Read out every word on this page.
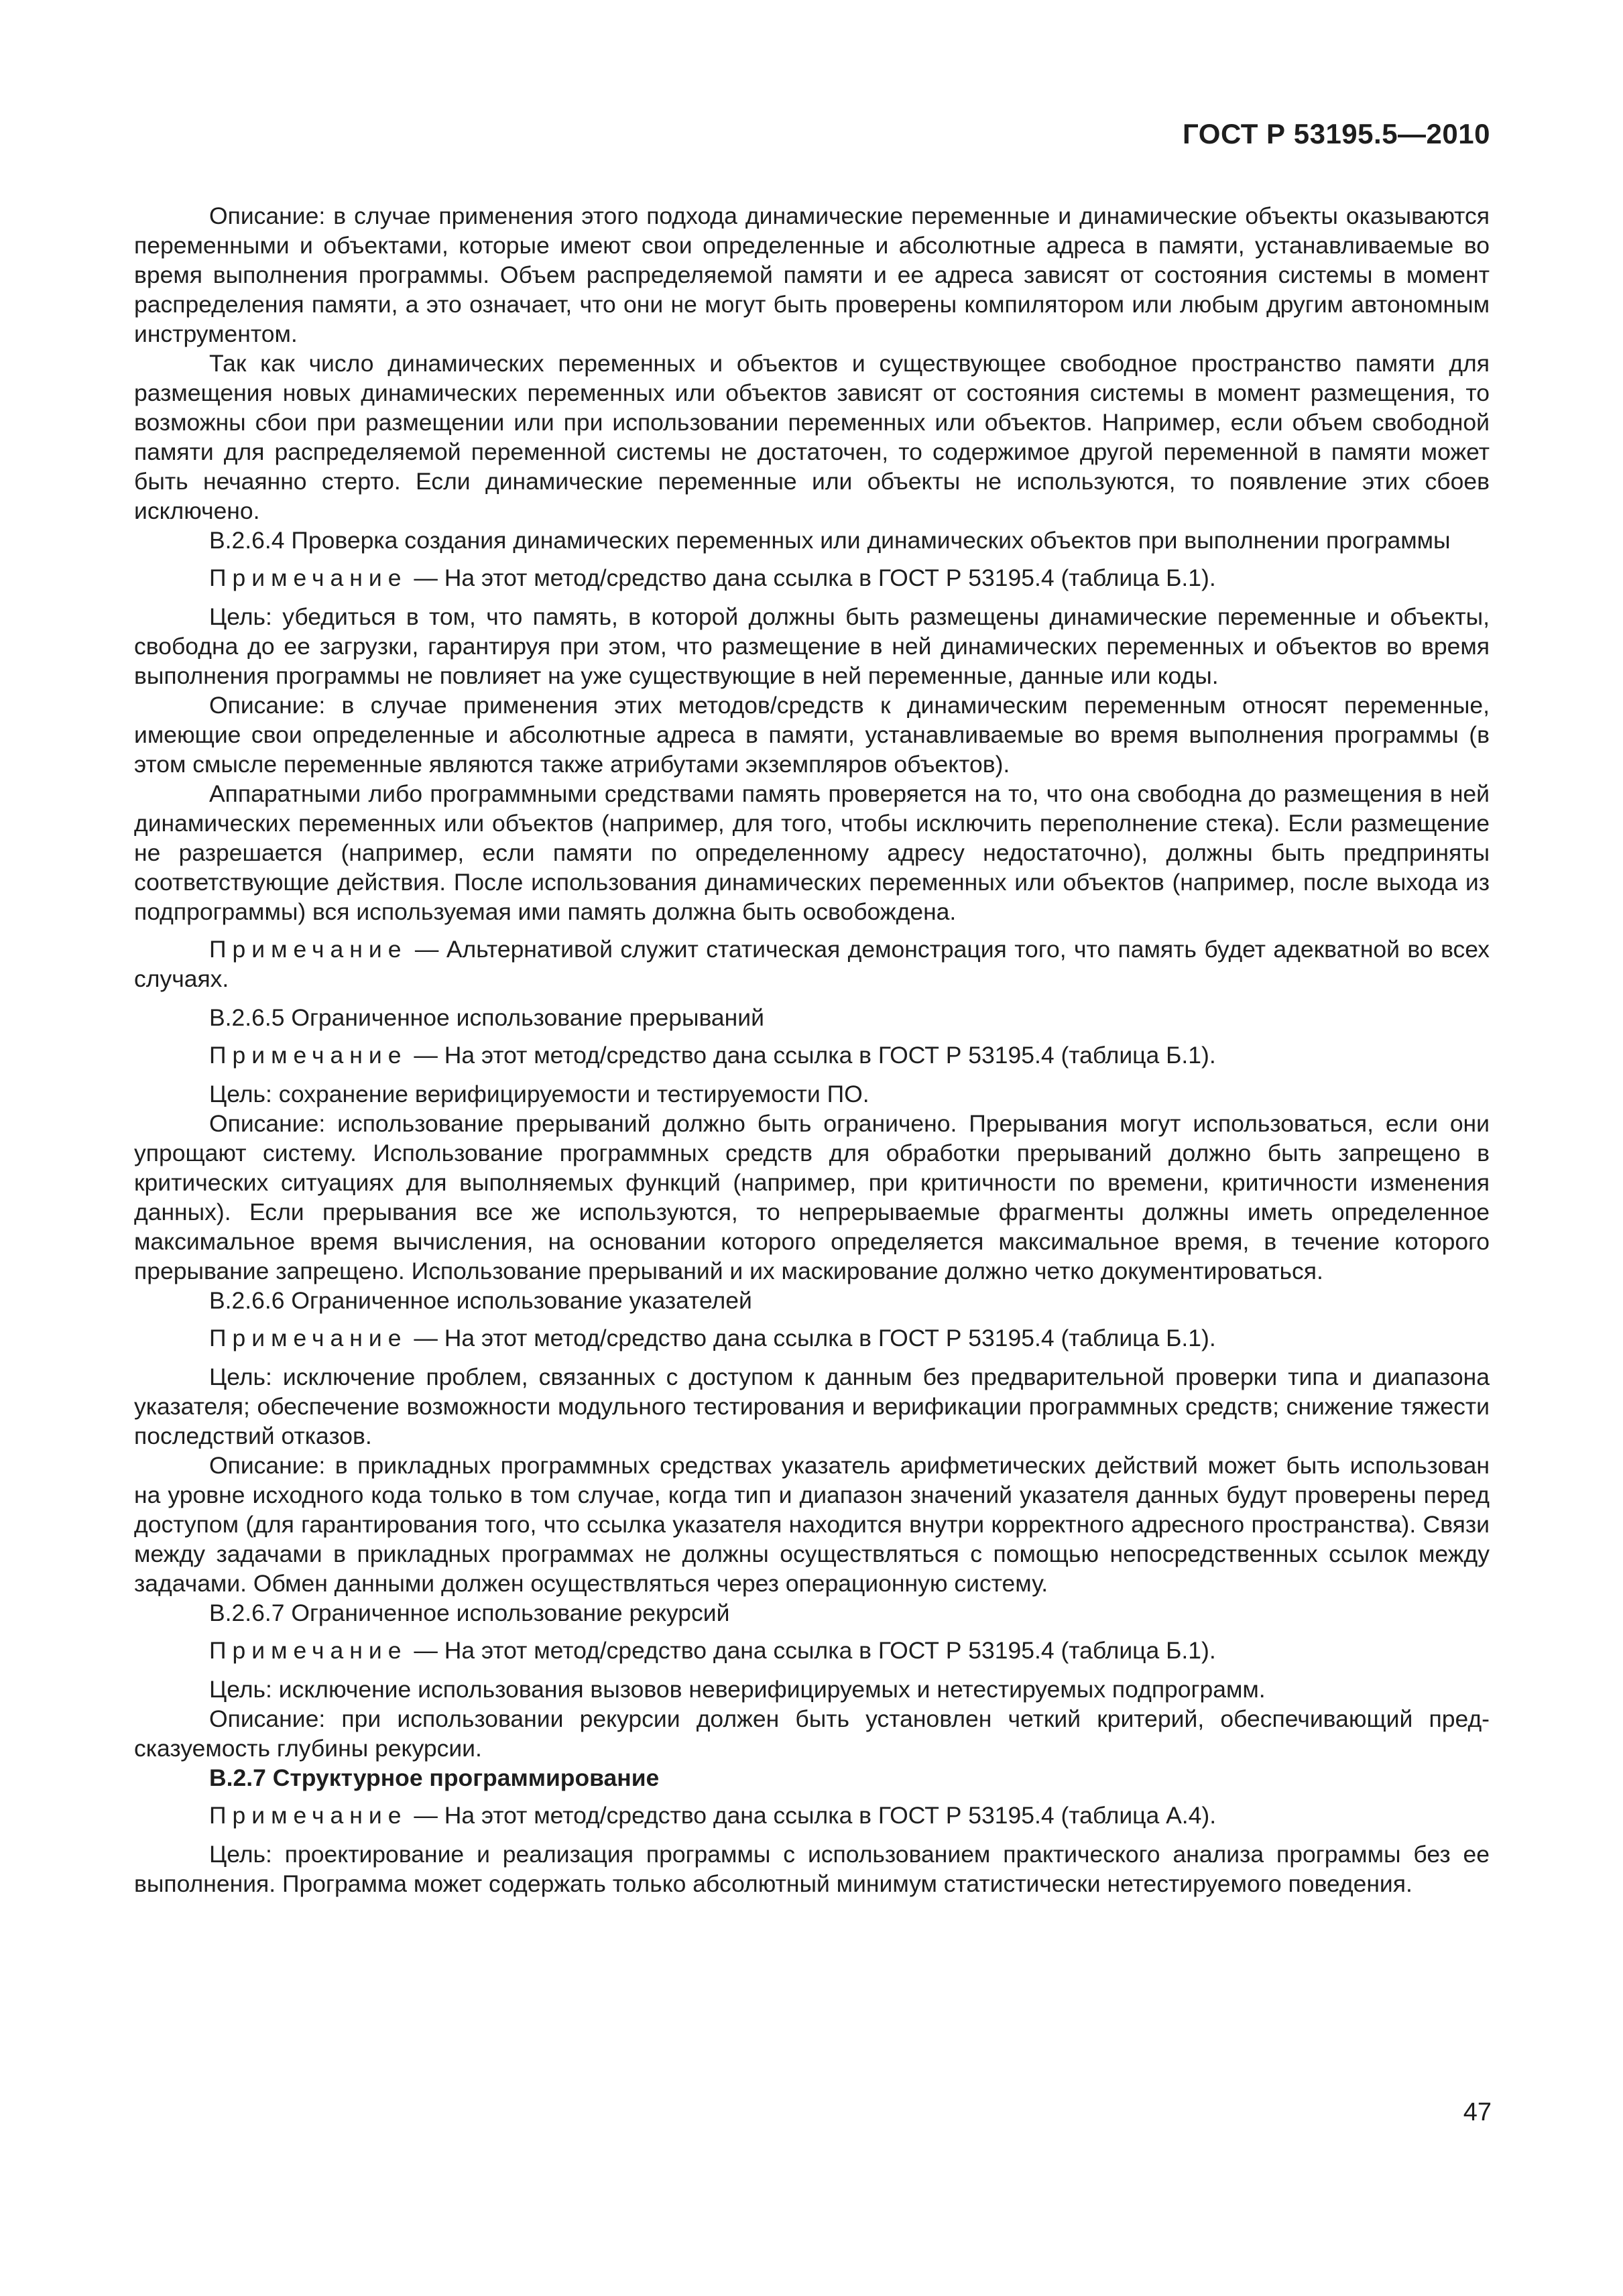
ГОСТ Р 53195.5—2010

Описание: в случае применения этого подхода динамические переменные и динамические объекты оказываются переменными и объектами, которые имеют свои определенные и абсолютные адреса в памяти, устанавливаемые во время выполнения программы. Объем распределяемой памяти и ее адреса зависят от состояния системы в момент распределения памяти, а это означает, что они не могут быть проверены компилятором или любым другим автономным инструментом.

Так как число динамических переменных и объектов и существующее свободное пространство памяти для размещения новых динамических переменных или объектов зависят от состояния системы в момент размещения, то возможны сбои при размещении или при использовании переменных или объектов. Например, если объем свободной памяти для распределяемой переменной системы не достаточен, то содержимое другой переменной в памяти может быть нечаянно стерто. Если динамические переменные или объекты не используются, то появление этих сбоев исключено.

В.2.6.4 Проверка создания динамических переменных или динамических объектов при выполнении программы

Примечание — На этот метод/средство дана ссылка в ГОСТ Р 53195.4 (таблица Б.1).

Цель: убедиться в том, что память, в которой должны быть размещены динамические переменные и объекты, свободна до ее загрузки, гарантируя при этом, что размещение в ней динамических переменных и объектов во время выполнения программы не повлияет на уже существующие в ней переменные, данные или коды.

Описание: в случае применения этих методов/средств к динамическим переменным относят переменные, имеющие свои определенные и абсолютные адреса в памяти, устанавливаемые во время выполнения программы (в этом смысле переменные являются также атрибутами экземпляров объектов).

Аппаратными либо программными средствами память проверяется на то, что она свободна до размещения в ней динамических переменных или объектов (например, для того, чтобы исключить переполнение стека). Если размещение не разрешается (например, если памяти по определенному адресу недостаточно), должны быть предприняты соответствующие действия. После использования динамических переменных или объектов (например, после выхода из подпрограммы) вся используемая ими память должна быть освобождена.

Примечание — Альтернативой служит статическая демонстрация того, что память будет адекватной во всех случаях.

В.2.6.5 Ограниченное использование прерываний

Примечание — На этот метод/средство дана ссылка в ГОСТ Р 53195.4 (таблица Б.1).

Цель: сохранение верифицируемости и тестируемости ПО.

Описание: использование прерываний должно быть ограничено. Прерывания могут использоваться, если они упрощают систему. Использование программных средств для обработки прерываний должно быть запрещено в критических ситуациях для выполняемых функций (например, при критичности по времени, критичности изменения данных). Если прерывания все же используются, то непрерываемые фрагменты должны иметь определенное максимальное время вычисления, на основании которого определяется максимальное время, в течение которого прерывание запрещено. Использование прерываний и их маскирование должно четко документироваться.

В.2.6.6 Ограниченное использование указателей

Примечание — На этот метод/средство дана ссылка в ГОСТ Р 53195.4 (таблица Б.1).

Цель: исключение проблем, связанных с доступом к данным без предварительной проверки типа и диапазона указателя; обеспечение возможности модульного тестирования и верификации программных средств; снижение тяжести последствий отказов.

Описание: в прикладных программных средствах указатель арифметических действий может быть использован на уровне исходного кода только в том случае, когда тип и диапазон значений указателя данных будут проверены перед доступом (для гарантирования того, что ссылка указателя находится внутри корректного адресного пространства). Связи между задачами в прикладных программах не должны осуществляться с помощью непосредственных ссылок между задачами. Обмен данными должен осуществляться через операционную систему.

В.2.6.7 Ограниченное использование рекурсий

Примечание — На этот метод/средство дана ссылка в ГОСТ Р 53195.4 (таблица Б.1).

Цель: исключение использования вызовов неверифицируемых и нетестируемых подпрограмм.

Описание: при использовании рекурсии должен быть установлен четкий критерий, обеспечивающий предсказуемость глубины рекурсии.

В.2.7 Структурное программирование

Примечание — На этот метод/средство дана ссылка в ГОСТ Р 53195.4 (таблица А.4).

Цель: проектирование и реализация программы с использованием практического анализа программы без ее выполнения. Программа может содержать только абсолютный минимум статистически нетестируемого поведения.

47
